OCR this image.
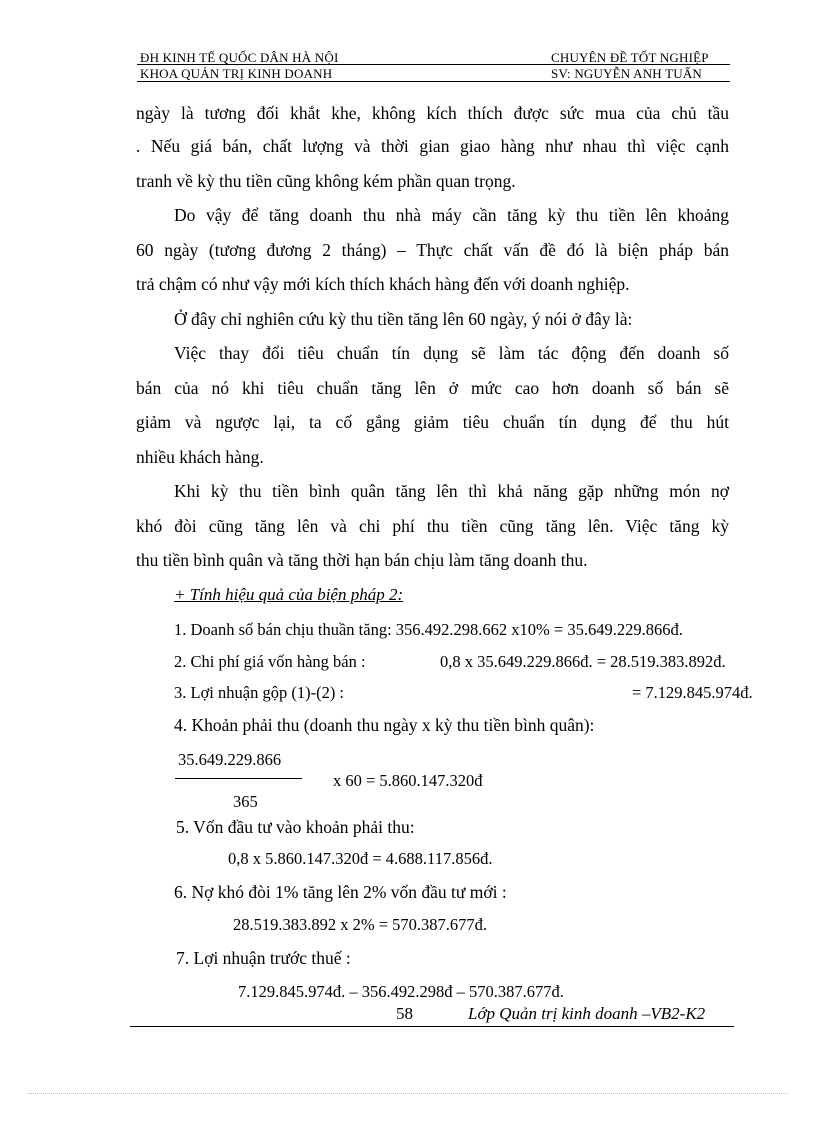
ĐH KINH TẾ QUỐC DÂN HÀ NỘI
KHOA QUẢN TRỊ KINH DOANH
CHUYÊN ĐỀ TỐT NGHIỆP
SV: NGUYỄN ANH TUẤN
ngày là tương đối khắt khe, không kích thích được sức mua của chủ tầu
. Nếu giá bán, chất lượng và thời gian giao hàng như nhau thì việc cạnh
tranh về kỳ thu tiền cũng không kém phần quan trọng.
Do vậy để tăng doanh thu nhà máy cần tăng kỳ thu tiền lên khoảng
60 ngày (tương đương 2 tháng) – Thực chất vấn đề đó là biện pháp bán
trả chậm có như vậy mới kích thích khách hàng đến với doanh nghiệp.
Ở đây chỉ nghiên cứu kỳ thu tiền tăng lên 60 ngày, ý nói ở đây là:
Việc thay đổi tiêu chuẩn tín dụng sẽ làm tác động đến doanh số
bán của nó khi tiêu chuẩn tăng lên ở mức cao hơn doanh số bán sẽ
giảm và ngược lại, ta cố gắng giảm tiêu chuẩn tín dụng để thu hút
nhiều khách hàng.
Khi kỳ thu tiền bình quân tăng lên thì khả năng gặp những món nợ
khó đòi cũng tăng lên và chi phí thu tiền cũng tăng lên. Việc tăng kỳ
thu tiền bình quân và tăng thời hạn bán chịu làm tăng doanh thu.
+ Tính hiệu quả của biện pháp 2:
1. Doanh số bán chịu thuần tăng: 356.492.298.662 x10% = 35.649.229.866đ.
2. Chi phí giá vốn hàng bán :	0,8 x 35.649.229.866đ. = 28.519.383.892đ.
3. Lợi nhuận gộp (1)-(2) :	= 7.129.845.974đ.
4. Khoản phải thu (doanh thu ngày x kỳ thu tiền bình quân):
35.649.229.866
365
x 60 = 5.860.147.320đ
5. Vốn đầu tư vào khoản phải thu:
0,8 x 5.860.147.320đ = 4.688.117.856đ.
6. Nợ khó đòi 1% tăng lên 2% vốn đầu tư mới :
28.519.383.892 x 2% = 570.387.677đ.
7. Lợi nhuận trước thuế :
7.129.845.974đ. – 356.492.298đ – 570.387.677đ.
58	Lớp Quản trị kinh doanh –VB2-K2
